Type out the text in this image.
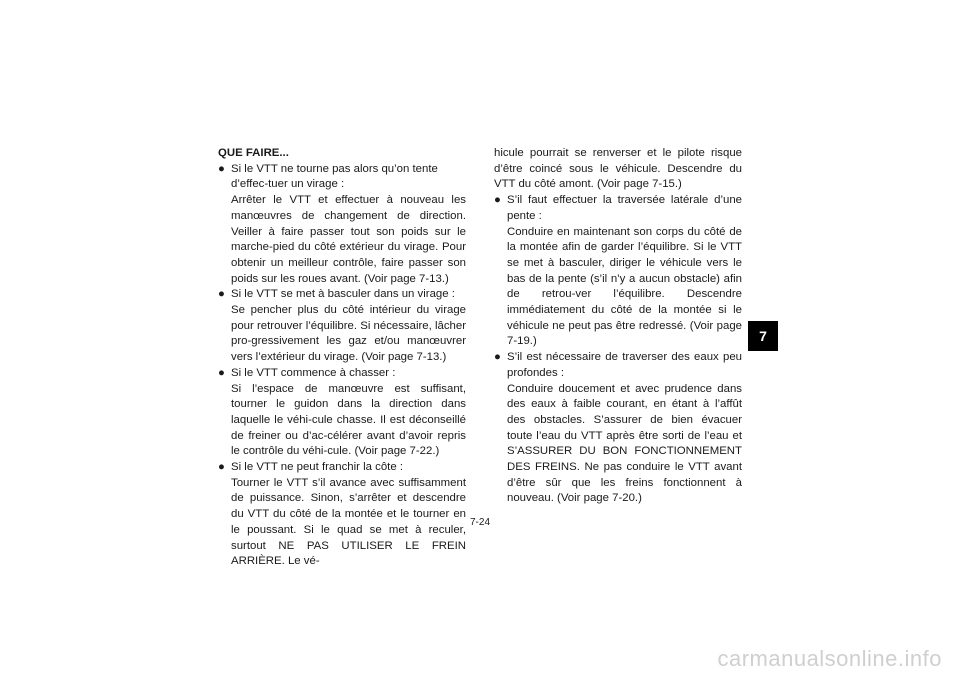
QUE FAIRE...

● Si le VTT ne tourne pas alors qu’on tente d’effec-tuer un virage :
Arrêter le VTT et effectuer à nouveau les manœuvres de changement de direction. Veiller à faire passer tout son poids sur le marche-pied du côté extérieur du virage. Pour obtenir un meilleur contrôle, faire passer son poids sur les roues avant. (Voir page 7-13.)
● Si le VTT se met à basculer dans un virage :
Se pencher plus du côté intérieur du virage pour retrouver l’équilibre. Si nécessaire, lâcher pro-gressivement les gaz et/ou manœuvrer vers l’extérieur du virage. (Voir page 7-13.)
● Si le VTT commence à chasser :
Si l’espace de manœuvre est suffisant, tourner le guidon dans la direction dans laquelle le véhi-cule chasse. Il est déconseillé de freiner ou d’ac-célérer avant d’avoir repris le contrôle du véhi-cule. (Voir page 7-22.)
● Si le VTT ne peut franchir la côte :
Tourner le VTT s’il avance avec suffisamment de puissance. Sinon, s’arrêter et descendre du VTT du côté de la montée et le tourner en le poussant. Si le quad se met à reculer, surtout NE PAS UTILISER LE FREIN ARRIÈRE. Le vé-

hicule pourrait se renverser et le pilote risque d’être coincé sous le véhicule. Descendre du VTT du côté amont. (Voir page 7-15.)

● S’il faut effectuer la traversée latérale d’une pente :
Conduire en maintenant son corps du côté de la montée afin de garder l’équilibre. Si le VTT se met à basculer, diriger le véhicule vers le bas de la pente (s’il n’y a aucun obstacle) afin de retrou-ver l’équilibre. Descendre immédiatement du côté de la montée si le véhicule ne peut pas être redressé. (Voir page 7-19.)
● S’il est nécessaire de traverser des eaux peu profondes :
Conduire doucement et avec prudence dans des eaux à faible courant, en étant à l’affût des obstacles. S’assurer de bien évacuer toute l’eau du VTT après être sorti de l’eau et S’ASSURER DU BON FONCTIONNEMENT DES FREINS. Ne pas conduire le VTT avant d’être sûr que les freins fonctionnent à nouveau. (Voir page 7-20.)
7-24
7
carmanualsonline.info
